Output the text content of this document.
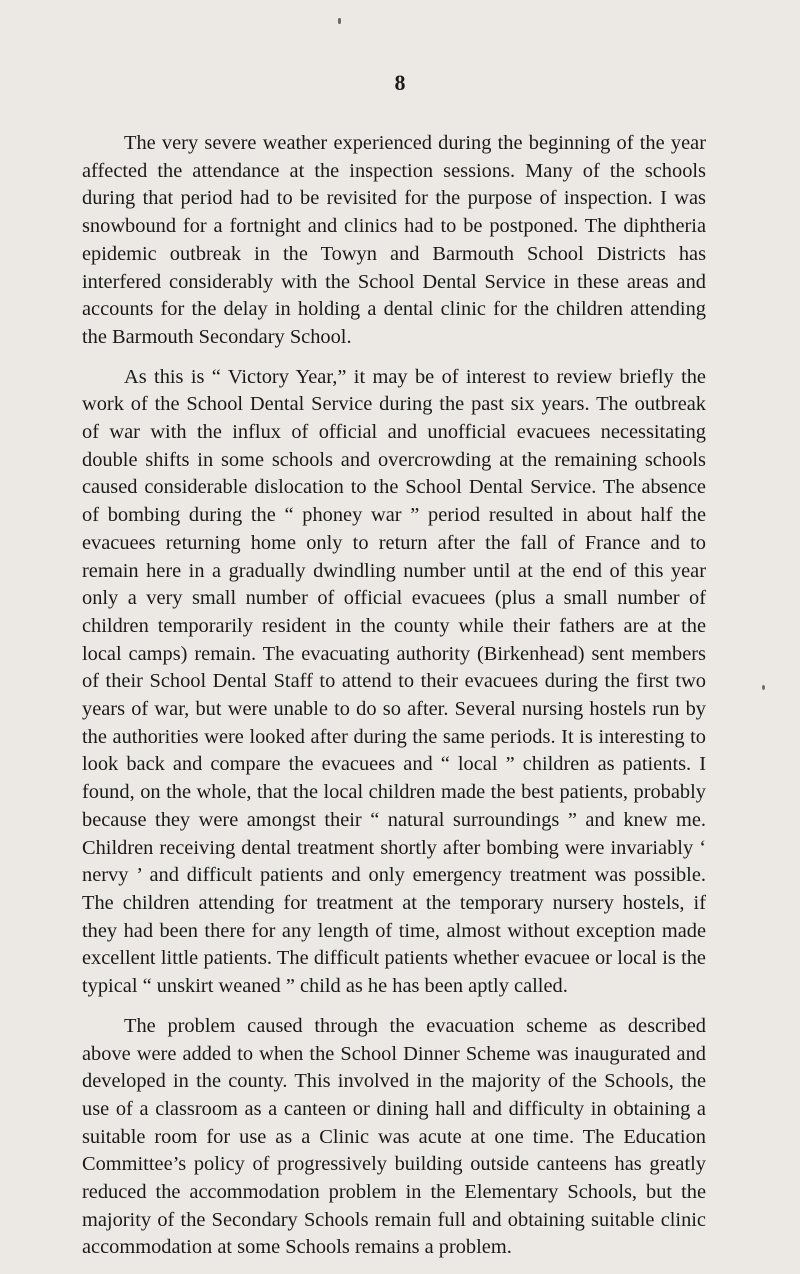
8

The very severe weather experienced during the beginning of the year affected the attendance at the inspection sessions. Many of the schools during that period had to be revisited for the purpose of inspection. I was snowbound for a fortnight and clinics had to be postponed. The diphtheria epidemic outbreak in the Towyn and Barmouth School Districts has interfered considerably with the School Dental Service in these areas and accounts for the delay in holding a dental clinic for the children attending the Barmouth Secondary School.

As this is “ Victory Year,” it may be of interest to review briefly the work of the School Dental Service during the past six years. The outbreak of war with the influx of official and unofficial evacuees necessitating double shifts in some schools and overcrowding at the remaining schools caused considerable dislocation to the School Dental Service. The absence of bombing during the “ phoney war ” period resulted in about half the evacuees returning home only to return after the fall of France and to remain here in a gradually dwindling number until at the end of this year only a very small number of official evacuees (plus a small number of children temporarily resident in the county while their fathers are at the local camps) remain. The evacuating authority (Birkenhead) sent members of their School Dental Staff to attend to their evacuees during the first two years of war, but were unable to do so after. Several nursing hostels run by the authorities were looked after during the same periods. It is interesting to look back and compare the evacuees and “ local ” children as patients. I found, on the whole, that the local children made the best patients, probably because they were amongst their “ natural surroundings ” and knew me. Children receiving dental treatment shortly after bombing were invariably ‘ nervy ’ and difficult patients and only emergency treatment was possible. The children attending for treatment at the temporary nursery hostels, if they had been there for any length of time, almost without exception made excellent little patients. The difficult patients whether evacuee or local is the typical “ unskirt weaned ” child as he has been aptly called.

The problem caused through the evacuation scheme as described above were added to when the School Dinner Scheme was inaugurated and developed in the county. This involved in the majority of the Schools, the use of a classroom as a canteen or dining hall and difficulty in obtaining a suitable room for use as a Clinic was acute at one time. The Education Committee’s policy of progressively building outside canteens has greatly reduced the accommodation problem in the Elementary Schools, but the majority of the Secondary Schools remain full and obtaining suitable clinic accommodation at some Schools remains a problem.
